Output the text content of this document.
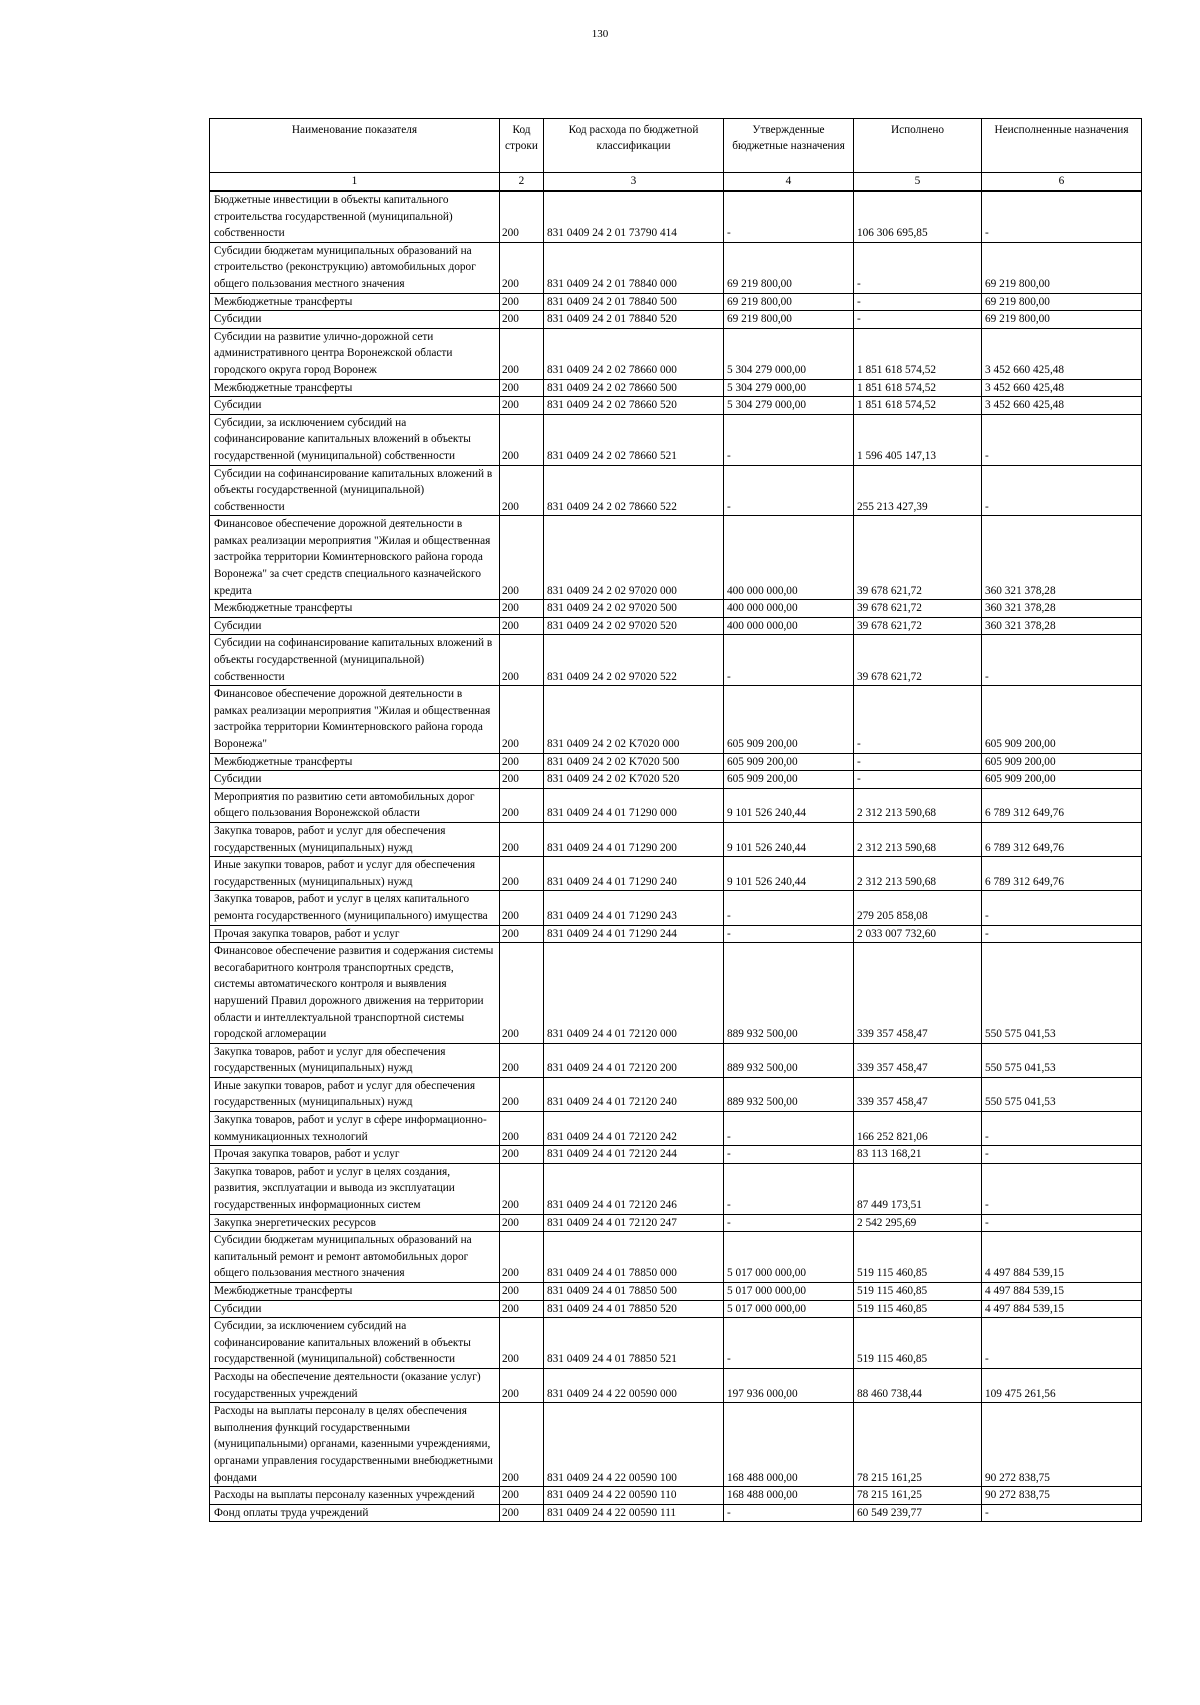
130
Наименование показателя	Код строки	Код расхода по бюджетной классификации	Утвержденные бюджетные назначения	Исполнено	Неисполненные назначения
1	2	3	4	5	6
Бюджетные инвестиции в объекты капитального строительства государственной (муниципальной) собственности	200	831 0409 24 2 01 73790 414	-	106 306 695,85	-
Субсидии бюджетам муниципальных образований на строительство (реконструкцию) автомобильных дорог общего пользования местного значения	200	831 0409 24 2 01 78840 000	69 219 800,00	-	69 219 800,00
Межбюджетные трансферты	200	831 0409 24 2 01 78840 500	69 219 800,00	-	69 219 800,00
Субсидии	200	831 0409 24 2 01 78840 520	69 219 800,00	-	69 219 800,00
Субсидии на развитие улично-дорожной сети административного центра Воронежской области городского округа город Воронеж	200	831 0409 24 2 02 78660 000	5 304 279 000,00	1 851 618 574,52	3 452 660 425,48
Межбюджетные трансферты	200	831 0409 24 2 02 78660 500	5 304 279 000,00	1 851 618 574,52	3 452 660 425,48
Субсидии	200	831 0409 24 2 02 78660 520	5 304 279 000,00	1 851 618 574,52	3 452 660 425,48
Субсидии, за исключением субсидий на софинансирование капитальных вложений в объекты государственной (муниципальной) собственности	200	831 0409 24 2 02 78660 521	-	1 596 405 147,13	-
Субсидии на софинансирование капитальных вложений в объекты государственной (муниципальной) собственности	200	831 0409 24 2 02 78660 522	-	255 213 427,39	-
Финансовое обеспечение дорожной деятельности в рамках реализации мероприятия "Жилая и общественная застройка территории Коминтерновского района города Воронежа" за счет средств специального казначейского кредита	200	831 0409 24 2 02 97020 000	400 000 000,00	39 678 621,72	360 321 378,28
Межбюджетные трансферты	200	831 0409 24 2 02 97020 500	400 000 000,00	39 678 621,72	360 321 378,28
Субсидии	200	831 0409 24 2 02 97020 520	400 000 000,00	39 678 621,72	360 321 378,28
Субсидии на софинансирование капитальных вложений в объекты государственной (муниципальной) собственности	200	831 0409 24 2 02 97020 522	-	39 678 621,72	-
Финансовое обеспечение дорожной деятельности в рамках реализации мероприятия "Жилая и общественная застройка территории Коминтерновского района города Воронежа"	200	831 0409 24 2 02 K7020 000	605 909 200,00	-	605 909 200,00
Межбюджетные трансферты	200	831 0409 24 2 02 K7020 500	605 909 200,00	-	605 909 200,00
Субсидии	200	831 0409 24 2 02 K7020 520	605 909 200,00	-	605 909 200,00
Мероприятия по развитию сети автомобильных дорог общего пользования Воронежской области	200	831 0409 24 4 01 71290 000	9 101 526 240,44	2 312 213 590,68	6 789 312 649,76
Закупка товаров, работ и услуг для обеспечения государственных (муниципальных) нужд	200	831 0409 24 4 01 71290 200	9 101 526 240,44	2 312 213 590,68	6 789 312 649,76
Иные закупки товаров, работ и услуг для обеспечения государственных (муниципальных) нужд	200	831 0409 24 4 01 71290 240	9 101 526 240,44	2 312 213 590,68	6 789 312 649,76
Закупка товаров, работ и услуг в целях капитального ремонта государственного (муниципального) имущества	200	831 0409 24 4 01 71290 243	-	279 205 858,08	-
Прочая закупка товаров, работ и услуг	200	831 0409 24 4 01 71290 244	-	2 033 007 732,60	-
Финансовое обеспечение развития и содержания системы весогабаритного контроля транспортных средств, системы автоматического контроля и выявления нарушений Правил дорожного движения на территории области и интеллектуальной транспортной системы городской агломерации	200	831 0409 24 4 01 72120 000	889 932 500,00	339 357 458,47	550 575 041,53
Закупка товаров, работ и услуг для обеспечения государственных (муниципальных) нужд	200	831 0409 24 4 01 72120 200	889 932 500,00	339 357 458,47	550 575 041,53
Иные закупки товаров, работ и услуг для обеспечения государственных (муниципальных) нужд	200	831 0409 24 4 01 72120 240	889 932 500,00	339 357 458,47	550 575 041,53
Закупка товаров, работ и услуг в сфере информационно-коммуникационных технологий	200	831 0409 24 4 01 72120 242	-	166 252 821,06	-
Прочая закупка товаров, работ и услуг	200	831 0409 24 4 01 72120 244	-	83 113 168,21	-
Закупка товаров, работ и услуг в целях создания, развития, эксплуатации и вывода из эксплуатации государственных информационных систем	200	831 0409 24 4 01 72120 246	-	87 449 173,51	-
Закупка энергетических ресурсов	200	831 0409 24 4 01 72120 247	-	2 542 295,69	-
Субсидии бюджетам муниципальных образований на капитальный ремонт и ремонт автомобильных дорог общего пользования местного значения	200	831 0409 24 4 01 78850 000	5 017 000 000,00	519 115 460,85	4 497 884 539,15
Межбюджетные трансферты	200	831 0409 24 4 01 78850 500	5 017 000 000,00	519 115 460,85	4 497 884 539,15
Субсидии	200	831 0409 24 4 01 78850 520	5 017 000 000,00	519 115 460,85	4 497 884 539,15
Субсидии, за исключением субсидий на софинансирование капитальных вложений в объекты государственной (муниципальной) собственности	200	831 0409 24 4 01 78850 521	-	519 115 460,85	-
Расходы на обеспечение деятельности (оказание услуг) государственных учреждений	200	831 0409 24 4 22 00590 000	197 936 000,00	88 460 738,44	109 475 261,56
Расходы на выплаты персоналу в целях обеспечения выполнения функций государственными (муниципальными) органами, казенными учреждениями, органами управления государственными внебюджетными фондами	200	831 0409 24 4 22 00590 100	168 488 000,00	78 215 161,25	90 272 838,75
Расходы на выплаты персоналу казенных учреждений	200	831 0409 24 4 22 00590 110	168 488 000,00	78 215 161,25	90 272 838,75
Фонд оплаты труда учреждений	200	831 0409 24 4 22 00590 111	-	60 549 239,77	-
